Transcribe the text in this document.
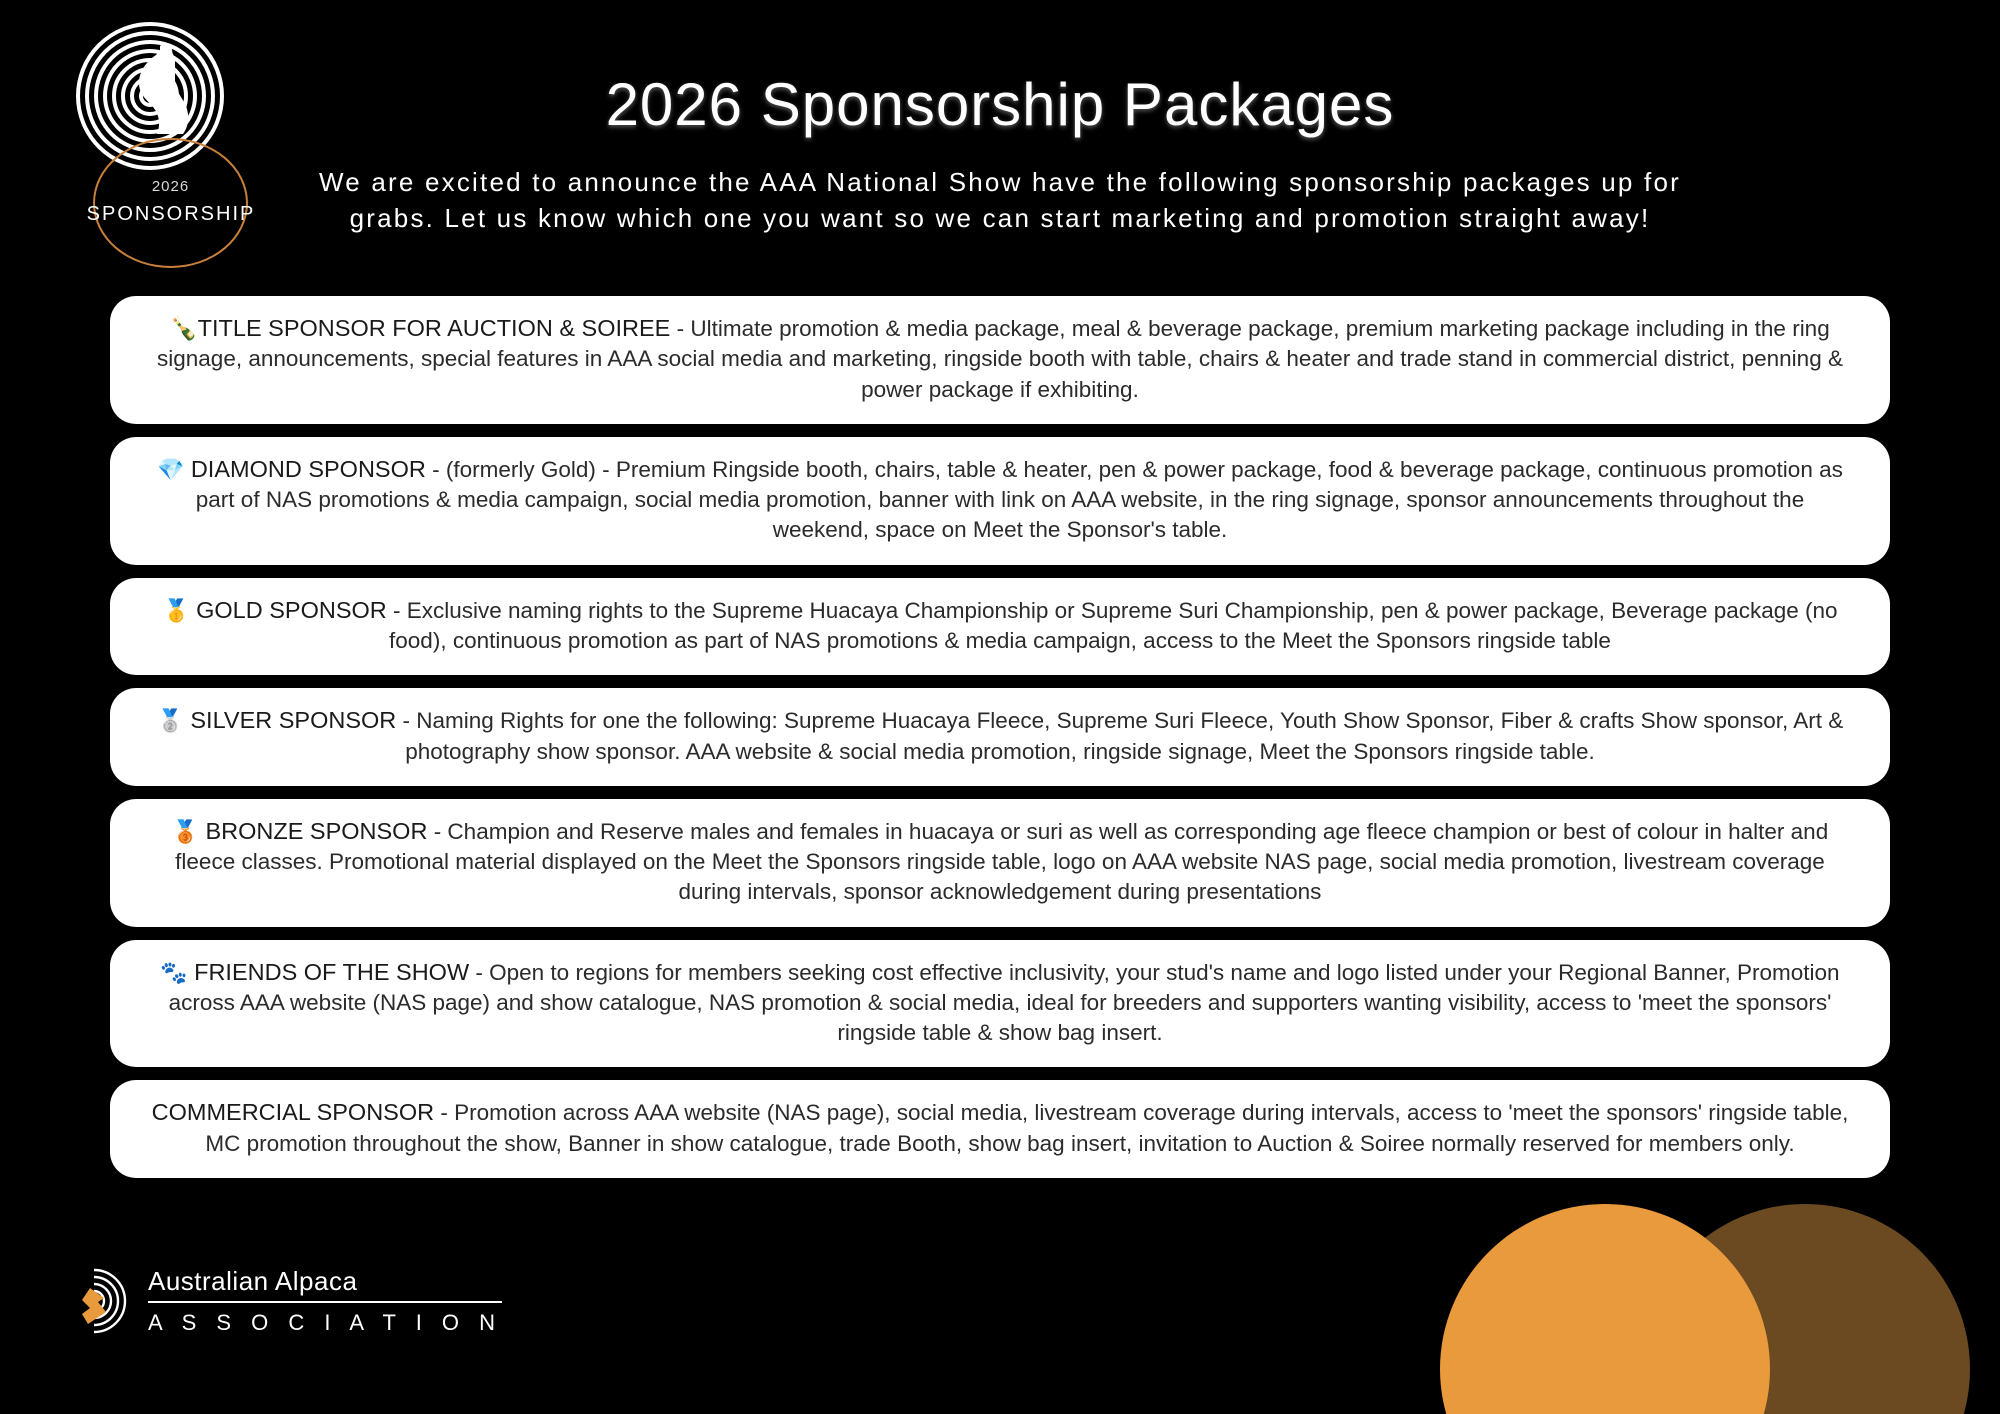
2026
SPONSORSHIP
2026 Sponsorship Packages

We are excited to announce the AAA National Show have the following sponsorship packages up for grabs. Let us know which one you want so we can start marketing and promotion straight away!

🍾TITLE SPONSOR FOR AUCTION & SOIREE - Ultimate promotion & media package, meal & beverage package, premium marketing package including in the ring signage, announcements, special features in AAA social media and marketing, ringside booth with table, chairs & heater and trade stand in commercial district, penning & power package if exhibiting.
💎 DIAMOND SPONSOR - (formerly Gold) - Premium Ringside booth, chairs, table & heater, pen & power package, food & beverage package, continuous promotion as part of NAS promotions & media campaign, social media promotion, banner with link on AAA website, in the ring signage, sponsor announcements throughout the weekend, space on Meet the Sponsor's table.
🥇 GOLD SPONSOR - Exclusive naming rights to the Supreme Huacaya Championship or Supreme Suri Championship, pen & power package, Beverage package (no food), continuous promotion as part of NAS promotions & media campaign, access to the Meet the Sponsors ringside table
🥈 SILVER SPONSOR - Naming Rights for one the following: Supreme Huacaya Fleece, Supreme Suri Fleece, Youth Show Sponsor, Fiber & crafts Show sponsor, Art & photography show sponsor. AAA website & social media promotion, ringside signage, Meet the Sponsors ringside table.
🥉 BRONZE SPONSOR - Champion and Reserve males and females in huacaya or suri as well as corresponding age fleece champion or best of colour in halter and fleece classes. Promotional material displayed on the Meet the Sponsors ringside table, logo on AAA website NAS page, social media promotion, livestream coverage during intervals, sponsor acknowledgement during presentations
🐾 FRIENDS OF THE SHOW - Open to regions for members seeking cost effective inclusivity, your stud's name and logo listed under your Regional Banner, Promotion across AAA website (NAS page) and show catalogue, NAS promotion & social media, ideal for breeders and supporters wanting visibility, access to 'meet the sponsors' ringside table & show bag insert.
COMMERCIAL SPONSOR - Promotion across AAA website (NAS page), social media, livestream coverage during intervals, access to 'meet the sponsors' ringside table, MC promotion throughout the show, Banner in show catalogue, trade Booth, show bag insert, invitation to Auction & Soiree normally reserved for members only.
Australian Alpaca
A S S O C I A T I O N
